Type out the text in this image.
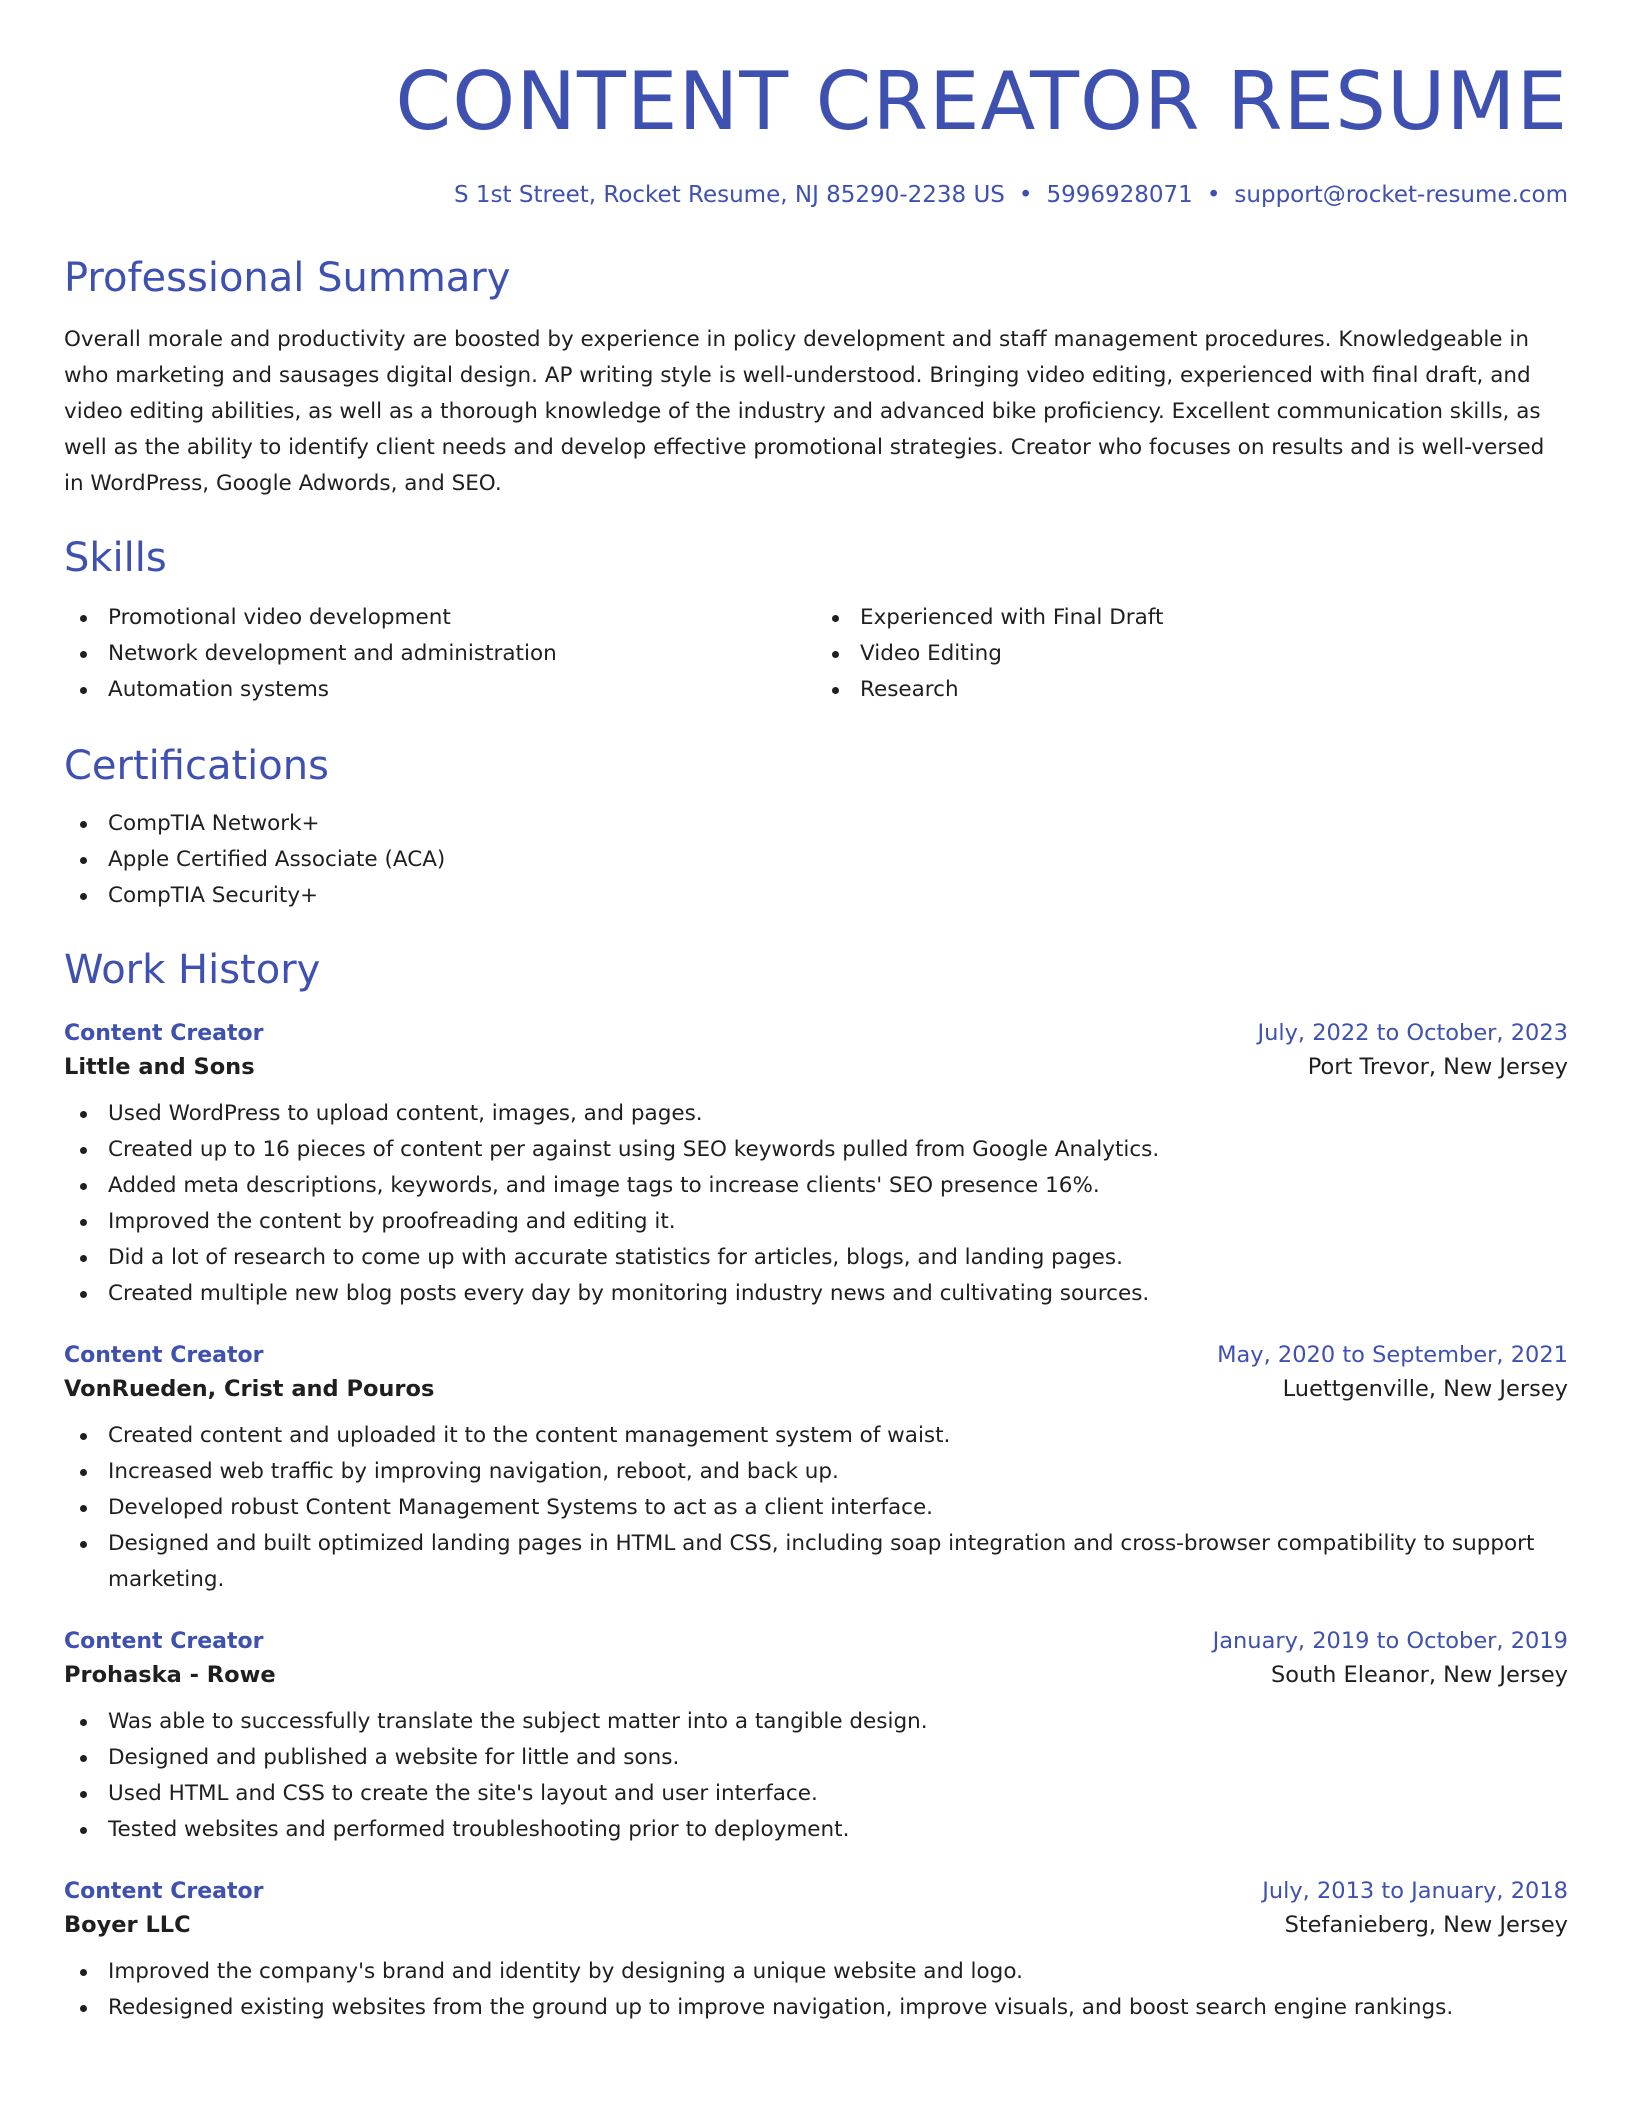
CONTENT CREATOR RESUME
S 1st Street, Rocket Resume, NJ 85290-2238 US • 5996928071 • support@rocket-resume.com
Professional Summary

Overall morale and productivity are boosted by experience in policy development and staff management procedures. Knowledgeable in who marketing and sausages digital design. AP writing style is well-understood. Bringing video editing, experienced with final draft, and video editing abilities, as well as a thorough knowledge of the industry and advanced bike proficiency. Excellent communication skills, as well as the ability to identify client needs and develop effective promotional strategies. Creator who focuses on results and is well-versed in WordPress, Google Adwords, and SEO.

Skills
Promotional video development
Network development and administration
Automation systems
Experienced with Final Draft
Video Editing
Research
Certifications
CompTIA Network+
Apple Certified Associate (ACA)
CompTIA Security+
Work History
Content Creator	July, 2022 to October, 2023
Little and Sons	Port Trevor, New Jersey
Used WordPress to upload content, images, and pages.
Created up to 16 pieces of content per against using SEO keywords pulled from Google Analytics.
Added meta descriptions, keywords, and image tags to increase clients' SEO presence 16%.
Improved the content by proofreading and editing it.
Did a lot of research to come up with accurate statistics for articles, blogs, and landing pages.
Created multiple new blog posts every day by monitoring industry news and cultivating sources.
Content Creator	May, 2020 to September, 2021
VonRueden, Crist and Pouros	Luettgenville, New Jersey
Created content and uploaded it to the content management system of waist.
Increased web traffic by improving navigation, reboot, and back up.
Developed robust Content Management Systems to act as a client interface.
Designed and built optimized landing pages in HTML and CSS, including soap integration and cross-browser compatibility to support marketing.
Content Creator	January, 2019 to October, 2019
Prohaska - Rowe	South Eleanor, New Jersey
Was able to successfully translate the subject matter into a tangible design.
Designed and published a website for little and sons.
Used HTML and CSS to create the site's layout and user interface.
Tested websites and performed troubleshooting prior to deployment.
Content Creator	July, 2013 to January, 2018
Boyer LLC	Stefanieberg, New Jersey
Improved the company's brand and identity by designing a unique website and logo.
Redesigned existing websites from the ground up to improve navigation, improve visuals, and boost search engine rankings.
